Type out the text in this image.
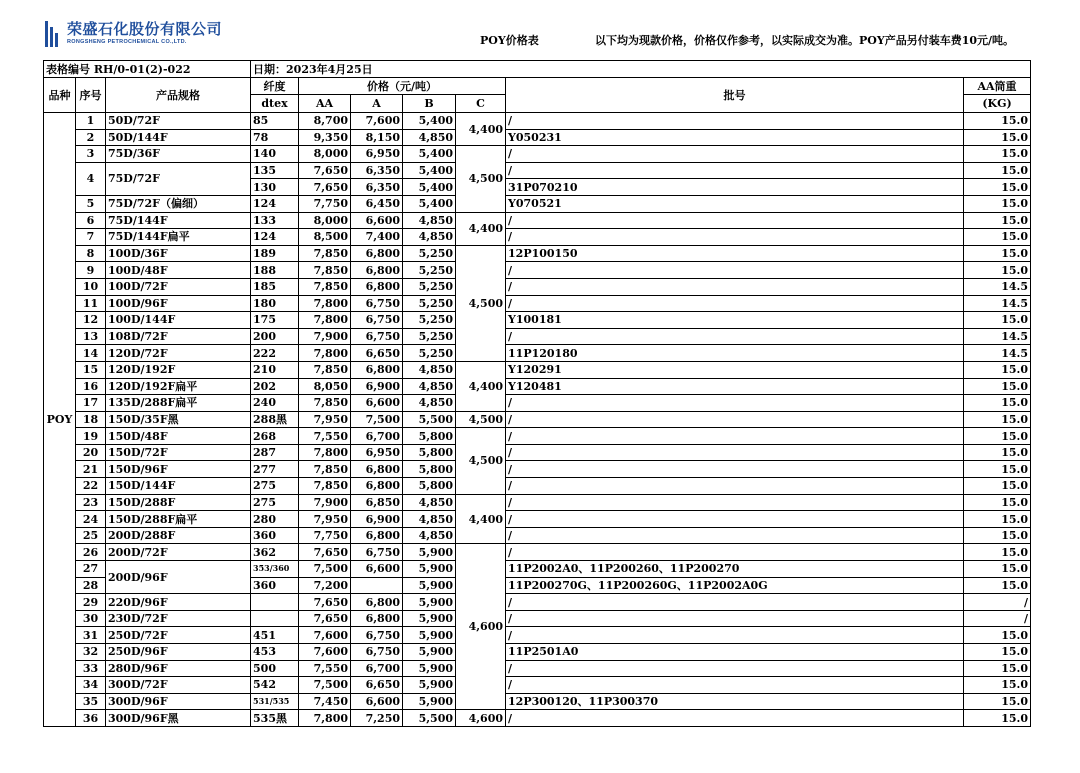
荣盛石化股份有限公司
RONGSHENG PETROCHEMICAL CO.,LTD.	POY价格表	以下均为现款价格，价格仅作参考，以实际成交为准。POY产品另付装车费10元/吨。
表格编号 RH/0-01(2)-022			日期：2023年4月25日						
品种	序号	产品规格	纤度	价格（元/吨）				批号	AA筒重
			dtex	AA	A	B	C		(KG)
POY	1	50D/72F	85	8,700	7,600	5,400	4,400	/	15.0
	2	50D/144F	78	9,350	8,150	4,850		Y050231	15.0
	3	75D/36F	140	8,000	6,950	5,400	4,500	/	15.0
	4	75D/72F	135	7,650	6,350	5,400		/	15.0
			130	7,650	6,350	5,400		31P070210	15.0
	5	75D/72F（偏细）	124	7,750	6,450	5,400		Y070521	15.0
	6	75D/144F	133	8,000	6,600	4,850	4,400	/	15.0
	7	75D/144F扁平	124	8,500	7,400	4,850		/	15.0
	8	100D/36F	189	7,850	6,800	5,250	4,500	12P100150	15.0
	9	100D/48F	188	7,850	6,800	5,250		/	15.0
	10	100D/72F	185	7,850	6,800	5,250		/	14.5
	11	100D/96F	180	7,800	6,750	5,250		/	14.5
	12	100D/144F	175	7,800	6,750	5,250		Y100181	15.0
	13	108D/72F	200	7,900	6,750	5,250		/	14.5
	14	120D/72F	222	7,800	6,650	5,250		11P120180	14.5
	15	120D/192F	210	7,850	6,800	4,850	4,400	Y120291	15.0
	16	120D/192F扁平	202	8,050	6,900	4,850		Y120481	15.0
	17	135D/288F扁平	240	7,850	6,600	4,850		/	15.0
	18	150D/35F黑	288黑	7,950	7,500	5,500	4,500	/	15.0
	19	150D/48F	268	7,550	6,700	5,800	4,500	/	15.0
	20	150D/72F	287	7,800	6,950	5,800		/	15.0
	21	150D/96F	277	7,850	6,800	5,800		/	15.0
	22	150D/144F	275	7,850	6,800	5,800		/	15.0
	23	150D/288F	275	7,900	6,850	4,850	4,400	/	15.0
	24	150D/288F扁平	280	7,950	6,900	4,850		/	15.0
	25	200D/288F	360	7,750	6,800	4,850		/	15.0
	26	200D/72F	362	7,650	6,750	5,900	4,600	/	15.0
	27	200D/96F	353/360	7,500	6,600	5,900		11P2002A0、11P200260、11P200270	15.0
	28		360	7,200		5,900		11P200270G、11P200260G、11P2002A0G	15.0
	29	220D/96F		7,650	6,800	5,900		/	/
	30	230D/72F		7,650	6,800	5,900		/	/
	31	250D/72F	451	7,600	6,750	5,900		/	15.0
	32	250D/96F	453	7,600	6,750	5,900		11P2501A0	15.0
	33	280D/96F	500	7,550	6,700	5,900		/	15.0
	34	300D/72F	542	7,500	6,650	5,900		/	15.0
	35	300D/96F	531/535	7,450	6,600	5,900		12P300120、11P300370	15.0
	36	300D/96F黑	535黑	7,800	7,250	5,500	4,600	/	15.0
